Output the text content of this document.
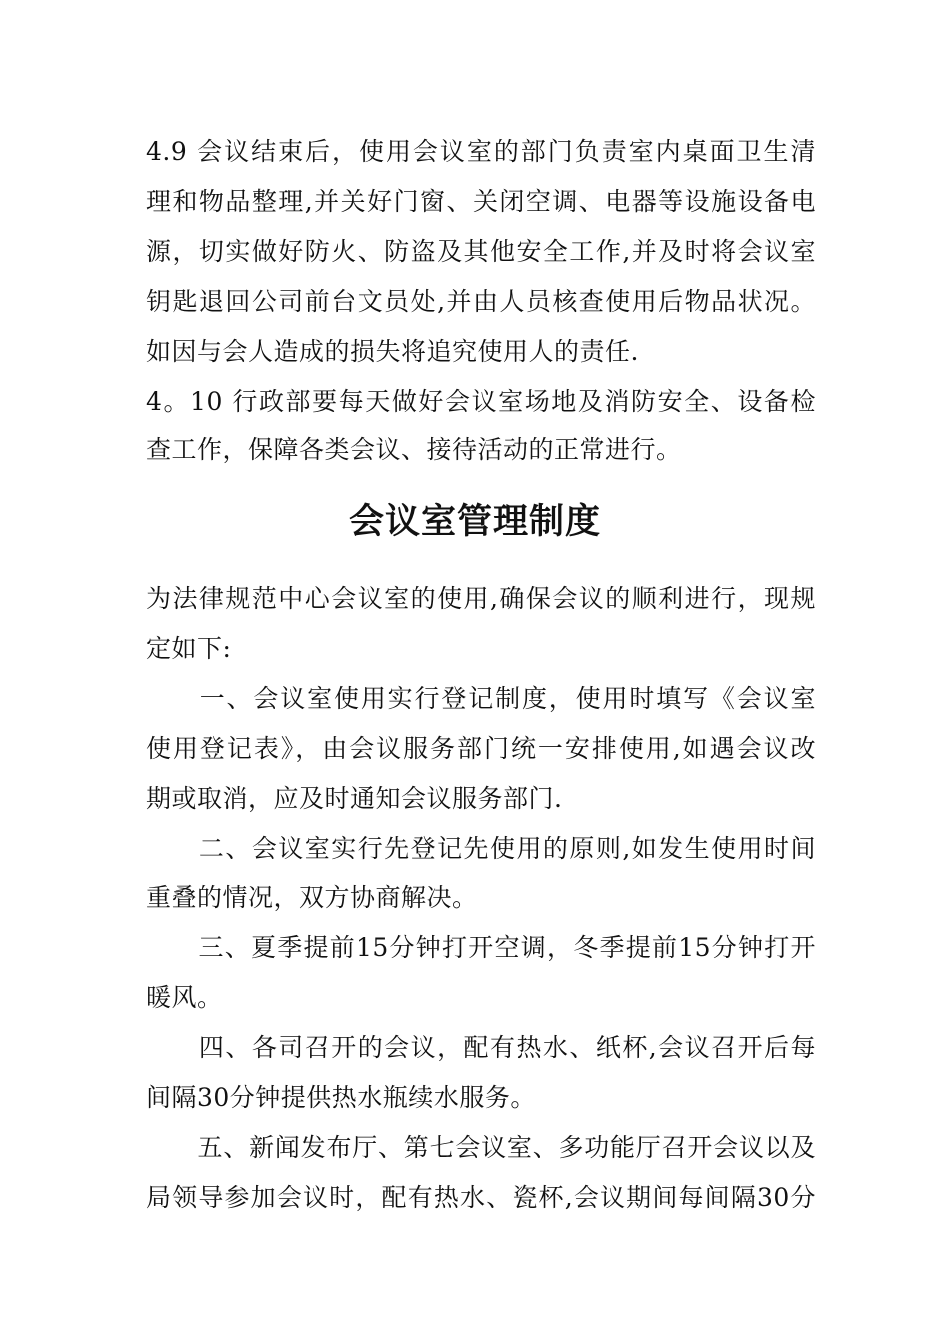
4.9 会议结束后，使用会议室的部门负责室内桌面卫生清
理和物品整理,并关好门窗、关闭空调、电器等设施设备电
源，切实做好防火、防盗及其他安全工作,并及时将会议室
钥匙退回公司前台文员处,并由人员核查使用后物品状况。
如因与会人造成的损失将追究使用人的责任.
4。10 行政部要每天做好会议室场地及消防安全、设备检
查工作，保障各类会议、接待活动的正常进行。
会议室管理制度
为法律规范中心会议室的使用,确保会议的顺利进行，现规
定如下:
　　一、会议室使用实行登记制度，使用时填写《会议室
使用登记表》，由会议服务部门统一安排使用,如遇会议改
期或取消，应及时通知会议服务部门.
　　二、会议室实行先登记先使用的原则,如发生使用时间
重叠的情况，双方协商解决。
　　三、夏季提前15分钟打开空调，冬季提前15分钟打开
暖风。
　　四、各司召开的会议，配有热水、纸杯,会议召开后每
间隔30分钟提供热水瓶续水服务。
　　五、新闻发布厅、第七会议室、多功能厅召开会议以及
局领导参加会议时，配有热水、瓷杯,会议期间每间隔30分
